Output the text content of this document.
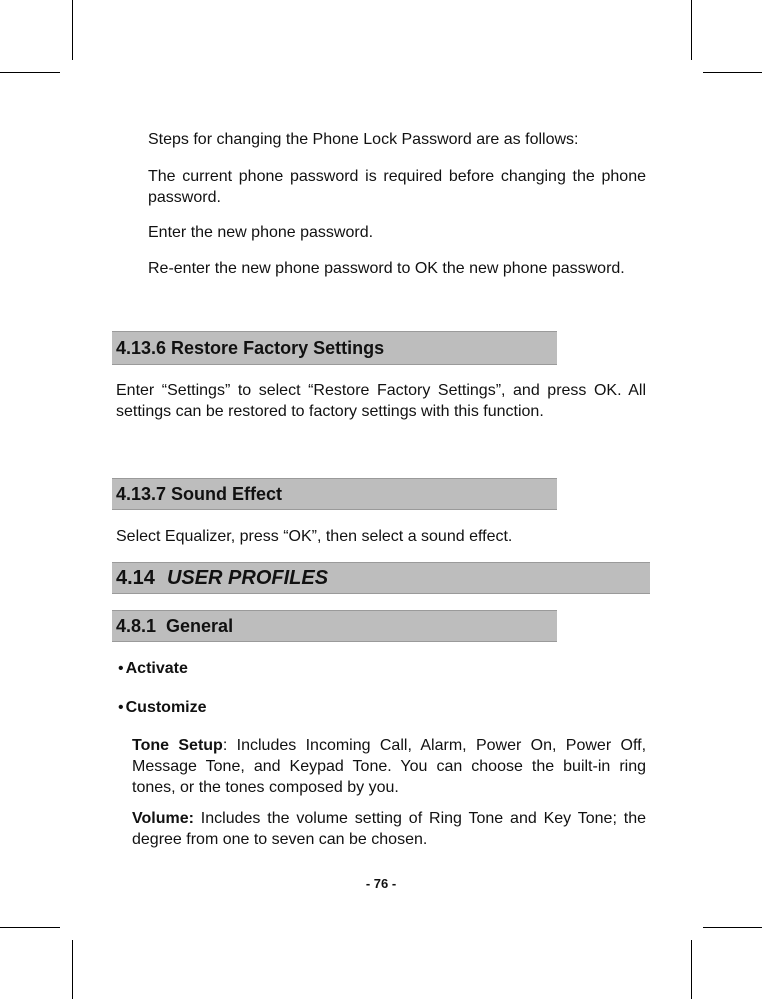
Steps for changing the Phone Lock Password are as follows:

The current phone password is required before changing the phone password.

Enter the new phone password.

Re-enter the new phone password to OK the new phone password.

4.13.6 Restore Factory Settings

Enter “Settings” to select “Restore Factory Settings”, and press OK. All settings can be restored to factory settings with this function.

4.13.7 Sound Effect

Select Equalizer, press “OK”, then select a sound effect.

4.14 USER PROFILES
4.8.1  General
• Activate
• Customize

Tone Setup: Includes Incoming Call, Alarm, Power On, Power Off, Message Tone, and Keypad Tone. You can choose the built-in ring tones, or the tones composed by you.

Volume: Includes the volume setting of Ring Tone and Key Tone; the degree from one to seven can be chosen.

- 76 -
